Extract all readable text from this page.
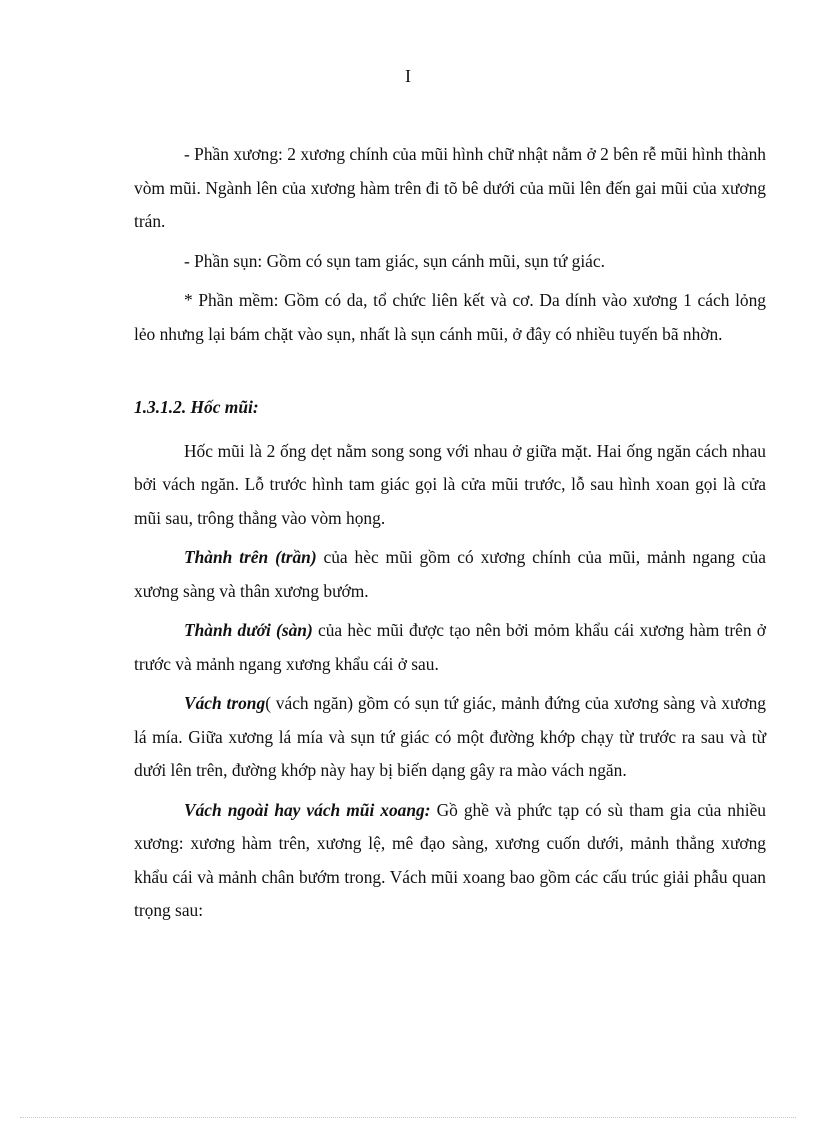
I

- Phần xương: 2 xương chính của mũi hình chữ nhật nằm ở 2 bên rễ mũi hình thành vòm mũi. Ngành lên của xương hàm trên đi tõ bê dưới của mũi lên đến gai mũi của xương trán.

- Phần sụn: Gồm có sụn tam giác, sụn cánh mũi, sụn tứ giác.

* Phần mềm: Gồm có da, tổ chức liên kết và cơ. Da dính vào xương 1 cách lỏng lẻo nhưng lại bám chặt vào sụn, nhất là sụn cánh mũi, ở đây có nhiều tuyến bã nhờn.

1.3.1.2. Hốc mũi:

Hốc mũi là 2 ống dẹt nằm song song với nhau ở giữa mặt. Hai ống ngăn cách nhau bởi vách ngăn. Lỗ trước hình tam giác gọi là cửa mũi trước, lỗ sau hình xoan gọi là cửa mũi sau, trông thẳng vào vòm họng.

Thành trên (trần) của hèc mũi gồm có xương chính của mũi, mảnh ngang của xương sàng và thân xương bướm.

Thành dưới (sàn) của hèc mũi được tạo nên bởi mỏm khẩu cái xương hàm trên ở trước và mảnh ngang xương khẩu cái ở sau.

Vách trong( vách ngăn) gồm có sụn tứ giác, mảnh đứng của xương sàng và xương lá mía. Giữa xương lá mía và sụn tứ giác có một đường khớp chạy từ trước ra sau và từ dưới lên trên, đường khớp này hay bị biến dạng gây ra mào vách ngăn.

Vách ngoài hay vách mũi xoang: Gồ ghề và phức tạp có sù tham gia của nhiều xương: xương hàm trên, xương lệ, mê đạo sàng, xương cuốn dưới, mảnh thẳng xương khẩu cái và mảnh chân bướm trong. Vách mũi xoang bao gồm các cấu trúc giải phẫu quan trọng sau:
